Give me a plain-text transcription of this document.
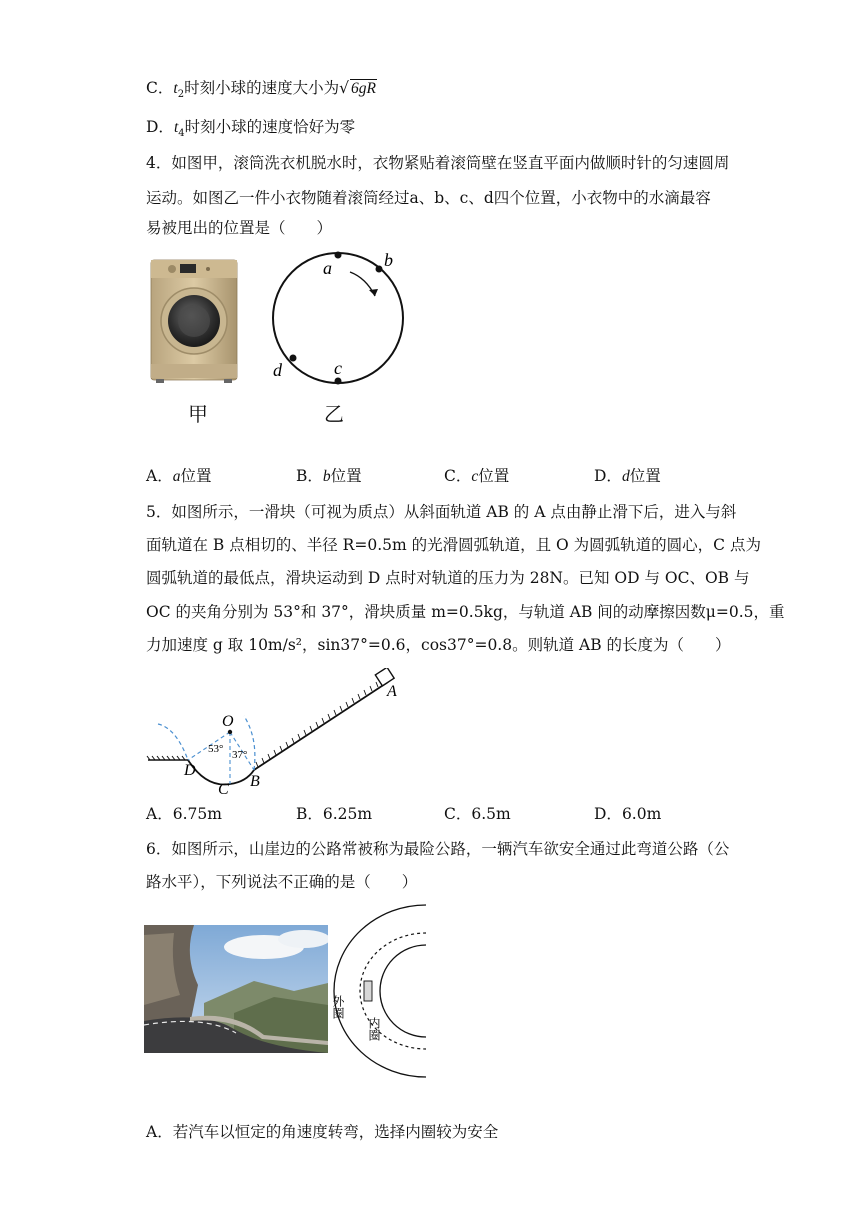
C．$t_2$时刻小球的速度大小为√ 6gR
D．$t_4$时刻小球的速度恰好为零
4．如图甲，滚筒洗衣机脱水时，衣物紧贴着滚筒壁在竖直平面内做顺时针的匀速圆周
运动。如图乙一件小衣物随着滚筒经过a、b、c、d四个位置，小衣物中的水滴最容
易被甩出的位置是（　　）
甲
a	b
c
d
乙
A．a位置	B．b位置	C．c位置	D．d位置
5．如图所示，一滑块（可视为质点）从斜面轨道 AB 的 A 点由静止滑下后，进入与斜
面轨道在 B 点相切的、半径 R=0.5m 的光滑圆弧轨道，且 O 为圆弧轨道的圆心，C 点为
圆弧轨道的最低点，滑块运动到 D 点时对轨道的压力为 28N。已知 OD 与 OC、OB 与
OC 的夹角分别为 53°和 37°，滑块质量 m=0.5kg，与轨道 AB 间的动摩擦因数μ=0.5，重
力加速度 g 取 10m/s²，sin37°=0.6，cos37°=0.8。则轨道 AB 的长度为（　　）
O
53° 37°
D
C B
A
A．6.75m	B．6.25m	C．6.5m	D．6.0m
6．如图所示，山崖边的公路常被称为最险公路，一辆汽车欲安全通过此弯道公路（公
路水平），下列说法不正确的是（　　）
外圈
内圈
A．若汽车以恒定的角速度转弯，选择内圈较为安全
